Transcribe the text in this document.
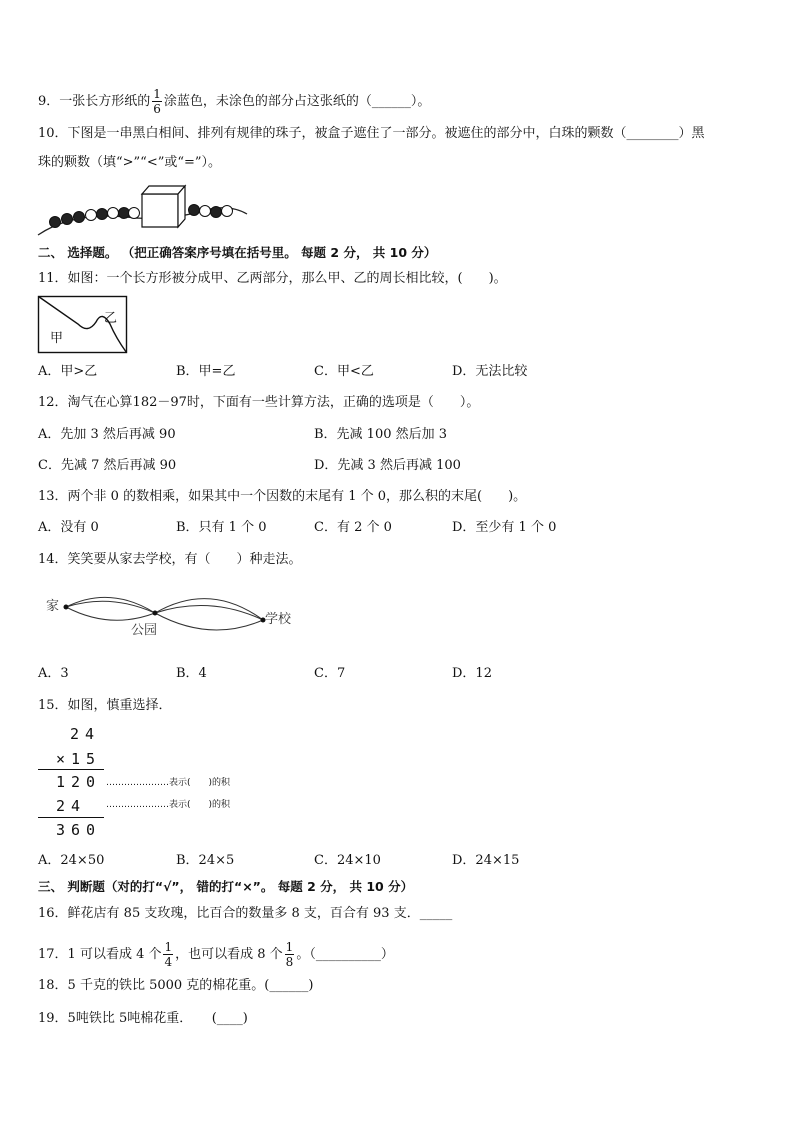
9．一张长方形纸的 $\frac{1}{6}$ 涂蓝色，未涂色的部分占这张纸的（______）。
10．下图是一串黑白相间、排列有规律的珠子，被盒子遮住了一部分。被遮住的部分中，白珠的颗数（________）黑
珠的颗数（填“>”“<”或“=”）。
二、 选择题。 （把正确答案序号填在括号里。 每题 2 分， 共 10 分）
11．如图：一个长方形被分成甲、乙两部分，那么甲、乙的周长相比较，(　　)。
甲
乙
A．甲>乙	B．甲=乙	C．甲<乙	D．无法比较
12．淘气在心算182－97时，下面有一些计算方法，正确的选项是（　　）。
A．先加 3 然后再减 90	B．先减 100 然后加 3
C．先减 7 然后再减 90	D．先减 3 然后再减 100
13．两个非 0 的数相乘，如果其中一个因数的末尾有 1 个 0，那么积的末尾(　　)。
A．没有 0	B．只有 1 个 0	C．有 2 个 0	D．至少有 1 个 0
14．笑笑要从家去学校，有（　　）种走法。
家
公园
学校
A．3	B．4	C．7	D．12
15．如图，慎重选择．
24
×15
120
24
360
…………………表示(　　)的积
…………………表示(　　)的积
A．24×50	B．24×5	C．24×10	D．24×15
三、 判断题（对的打“√”， 错的打“×”。 每题 2 分， 共 10 分）
16．鲜花店有 85 支玫瑰，比百合的数量多 8 支，百合有 93 支．_____
17．1 可以看成 4 个 $\frac{1}{4}$ ，也可以看成 8 个 $\frac{1}{8}$ 。（__________）
18．5 千克的铁比 5000 克的棉花重。(______)
19．5吨铁比 5吨棉花重．　　(____)
